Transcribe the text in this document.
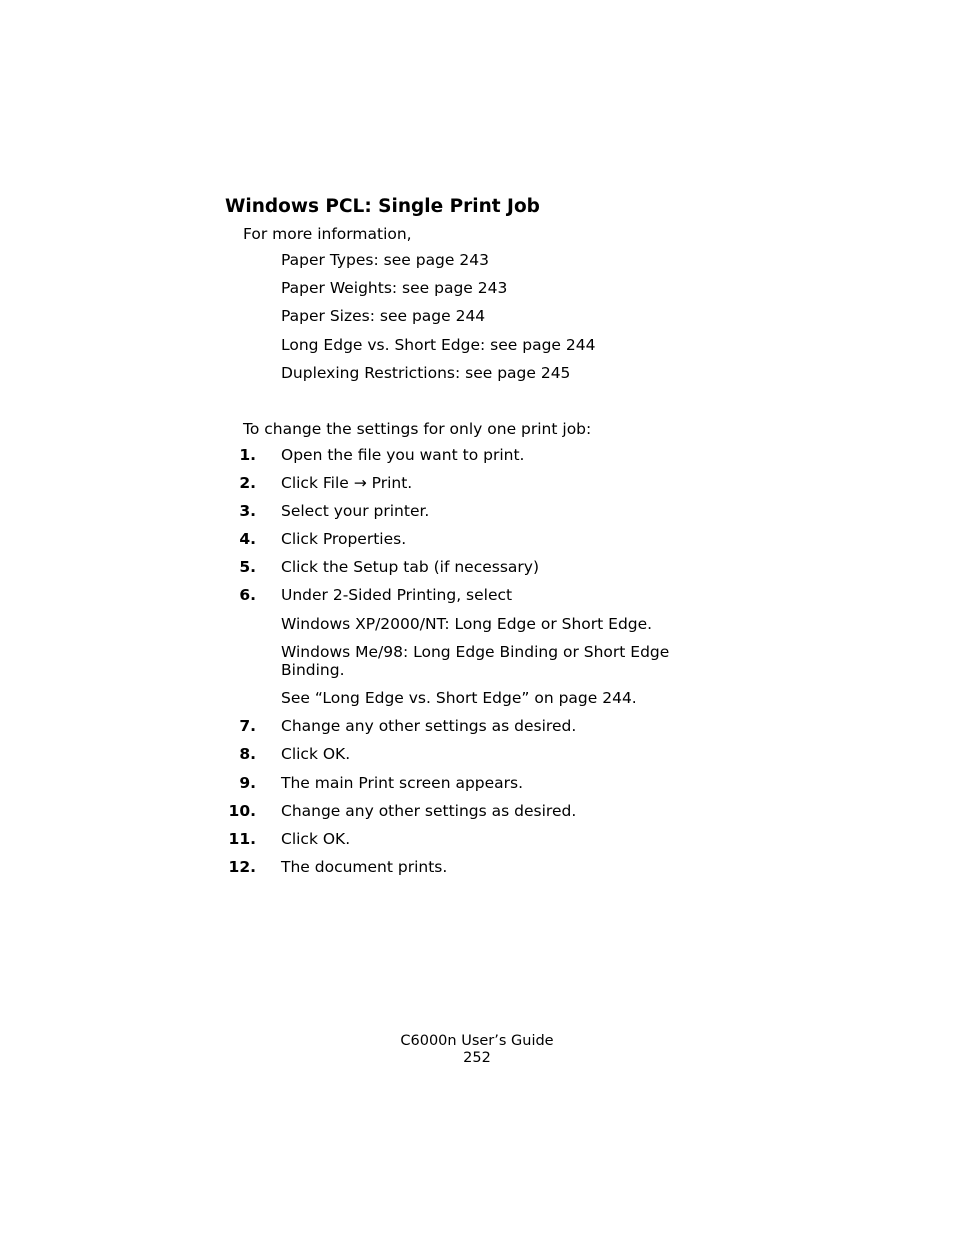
Windows PCL: Single Print Job
For more information,
Paper Types: see page 243
Paper Weights: see page 243
Paper Sizes: see page 244
Long Edge vs. Short Edge: see page 244
Duplexing Restrictions: see page 245
To change the settings for only one print job:
1. Open the file you want to print.
2. Click File → Print.
3. Select your printer.
4. Click Properties.
5. Click the Setup tab (if necessary)
6. Under 2-Sided Printing, select
Windows XP/2000/NT: Long Edge or Short Edge.
Windows Me/98: Long Edge Binding or Short Edge Binding.
See “Long Edge vs. Short Edge” on page 244.
7. Change any other settings as desired.
8. Click OK.
9. The main Print screen appears.
10. Change any other settings as desired.
11. Click OK.
12. The document prints.
C6000n User’s Guide
252
